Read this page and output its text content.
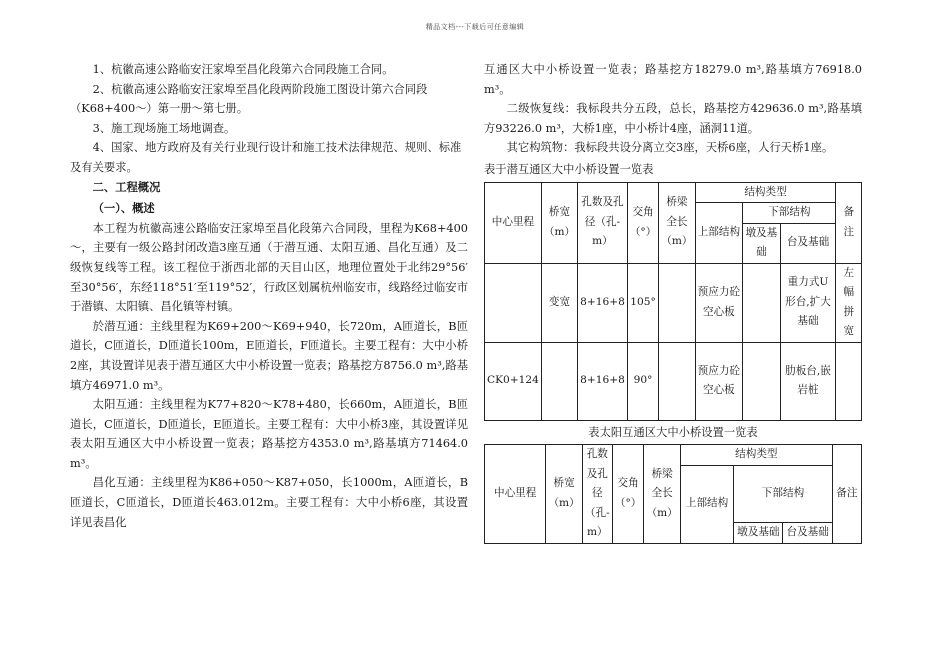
精品文档---下载后可任意编辑

1、杭徽高速公路临安汪家埠至昌化段第六合同段施工合同。

2、杭徽高速公路临安汪家埠至昌化段两阶段施工图设计第六合同段

（K68+400～）第一册～第七册。

3、施工现场施工场地调查。

4、国家、地方政府及有关行业现行设计和施工技术法律规范、规则、标准

及有关要求。

二、工程概况

（一）、概述

本工程为杭徽高速公路临安汪家埠至昌化段第六合同段，里程为K68+400～，主要有一级公路封闭改造3座互通（于潜互通、太阳互通、昌化互通）及二级恢复线等工程。该工程位于浙西北部的天目山区，地理位置处于北纬29°56′至30°56′，东经118°51′至119°52′，行政区划属杭州临安市，线路经过临安市于潜镇、太阳镇、昌化镇等村镇。

於潜互通：主线里程为K69+200～K69+940，长720m，A匝道长，B匝道长，C匝道长，D匝道长100m，E匝道长，F匝道长。主要工程有：大中小桥2座，其设置详见表于潜互通区大中小桥设置一览表；路基挖方8756.0 m³,路基填方46971.0 m³。

太阳互通：主线里程为K77+820～K78+480，长660m，A匝道长，B匝道长，C匝道长，D匝道长，E匝道长。主要工程有：大中小桥3座，其设置详见表太阳互通区大中小桥设置一览表；路基挖方4353.0 m³,路基填方71464.0 m³。

昌化互通：主线里程为K86+050～K87+050，长1000m，A匝道长，B匝道长，C匝道长，D匝道长463.012m。主要工程有：大中小桥6座，其设置详见表昌化

互通区大中小桥设置一览表；路基挖方18279.0 m³,路基填方76918.0 m³。

二级恢复线：我标段共分五段，总长，路基挖方429636.0 m³,路基填方93226.0 m³，大桥1座，中小桥计4座，涵洞11道。

其它构筑物：我标段共设分离立交3座，天桥6座，人行天桥1座。

表于潜互通区大中小桥设置一览表
中心里程	桥宽（m）	孔数及孔径（孔-m）	交角（°）	桥梁全长（m）	结构类型			备注
					上部结构	下部结构		
						墩及基础	台及基础	
	变宽	8+16+8	105°		预应力砼空心板		重力式U形台,扩大基础	左幅拼宽
CK0+124		8+16+8	90°		预应力砼空心板		肋板台,嵌岩桩	
表太阳互通区大中小桥设置一览表
中心里程	桥宽（m）	孔数及孔径（孔-m）	交角（°）	桥梁全长（m）	结构类型			备注
					上部结构	下部结构		
						墩及基础	台及基础	
